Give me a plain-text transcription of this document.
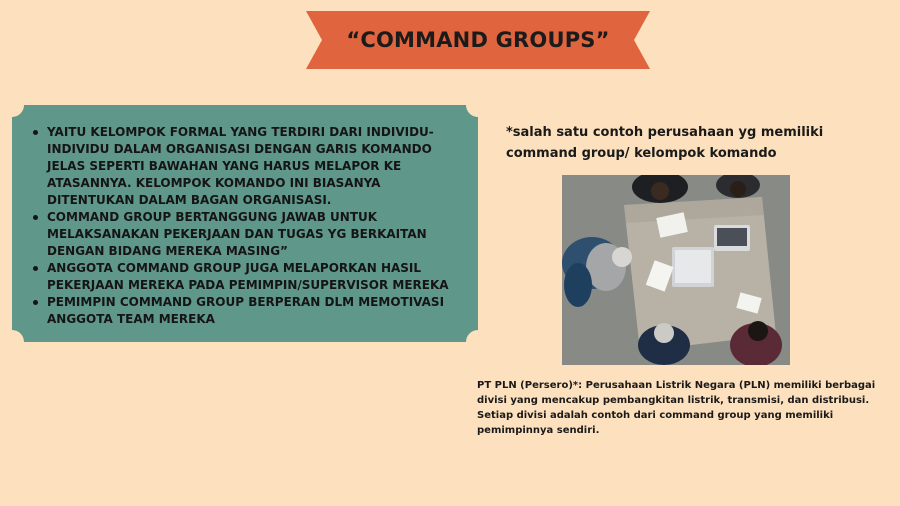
“COMMAND GROUPS”
YAITU KELOMPOK FORMAL YANG TERDIRI DARI INDIVIDU-INDIVIDU DALAM ORGANISASI DENGAN GARIS KOMANDO JELAS SEPERTI BAWAHAN YANG HARUS MELAPOR KE ATASANNYA. KELOMPOK KOMANDO INI BIASANYA DITENTUKAN DALAM BAGAN ORGANISASI.
COMMAND GROUP BERTANGGUNG JAWAB UNTUK MELAKSANAKAN PEKERJAAN DAN TUGAS YG BERKAITAN DENGAN BIDANG MEREKA MASING”
ANGGOTA COMMAND GROUP JUGA MELAPORKAN HASIL PEKERJAAN MEREKA PADA PEMIMPIN/SUPERVISOR MEREKA
PEMIMPIN COMMAND GROUP BERPERAN DLM MEMOTIVASI ANGGOTA TEAM MEREKA
*salah satu contoh perusahaan yg memiliki command group/ kelompok komando
PT PLN (Persero)*: Perusahaan Listrik Negara (PLN) memiliki berbagai divisi yang mencakup pembangkitan listrik, transmisi, dan distribusi. Setiap divisi adalah contoh dari command group yang memiliki pemimpinnya sendiri.
